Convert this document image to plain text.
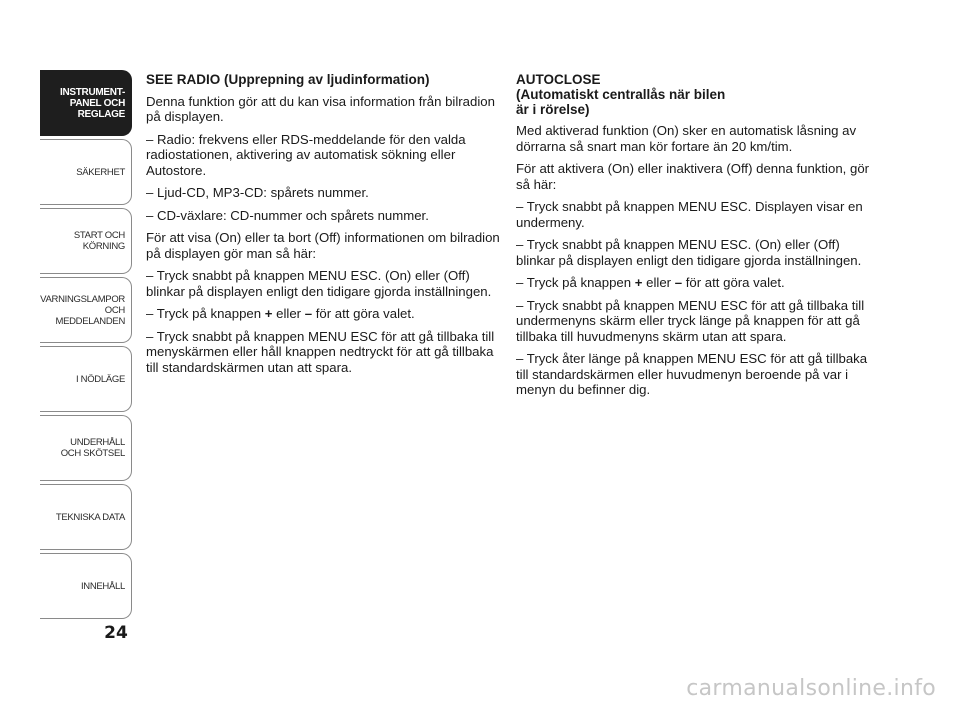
INSTRUMENT-
PANEL OCH
REGLAGE
SÄKERHET
START OCH
KÖRNING
VARNINGSLAMPOR
OCH
MEDDELANDEN
I NÖDLÄGE
UNDERHÅLL
OCH SKÖTSEL
TEKNISKA DATA
INNEHÅLL
24
SEE RADIO (Upprepning av ljudinformation)
Denna funktion gör att du kan visa information från bilradion på displayen.
– Radio: frekvens eller RDS-meddelande för den valda radiostationen, aktivering av automatisk sökning eller Autostore.
– Ljud-CD, MP3-CD: spårets nummer.
– CD-växlare: CD-nummer och spårets nummer.
För att visa (On) eller ta bort (Off) informationen om bilradion på displayen gör man så här:
– Tryck snabbt på knappen MENU ESC. (On) eller (Off) blinkar på displayen enligt den tidigare gjorda inställningen.
– Tryck på knappen + eller – för att göra valet.
– Tryck snabbt på knappen MENU ESC för att gå tillbaka till menyskärmen eller håll knappen nedtryckt för att gå tillbaka till standardskärmen utan att spara.
AUTOCLOSE
(Automatiskt centrallås när bilen
är i rörelse)
Med aktiverad funktion (On) sker en automatisk låsning av dörrarna så snart man kör fortare än 20 km/tim.
För att aktivera (On) eller inaktivera (Off) denna funktion, gör så här:
– Tryck snabbt på knappen MENU ESC. Displayen visar en undermeny.
– Tryck snabbt på knappen MENU ESC. (On) eller (Off) blinkar på displayen enligt den tidigare gjorda inställningen.
– Tryck på knappen + eller – för att göra valet.
– Tryck snabbt på knappen MENU ESC för att gå tillbaka till undermenyns skärm eller tryck länge på knappen för att gå tillbaka till huvudmenyns skärm utan att spara.
– Tryck åter länge på knappen MENU ESC för att gå tillbaka till standardskärmen eller huvudmenyn beroende på var i menyn du befinner dig.
carmanualsonline.info
